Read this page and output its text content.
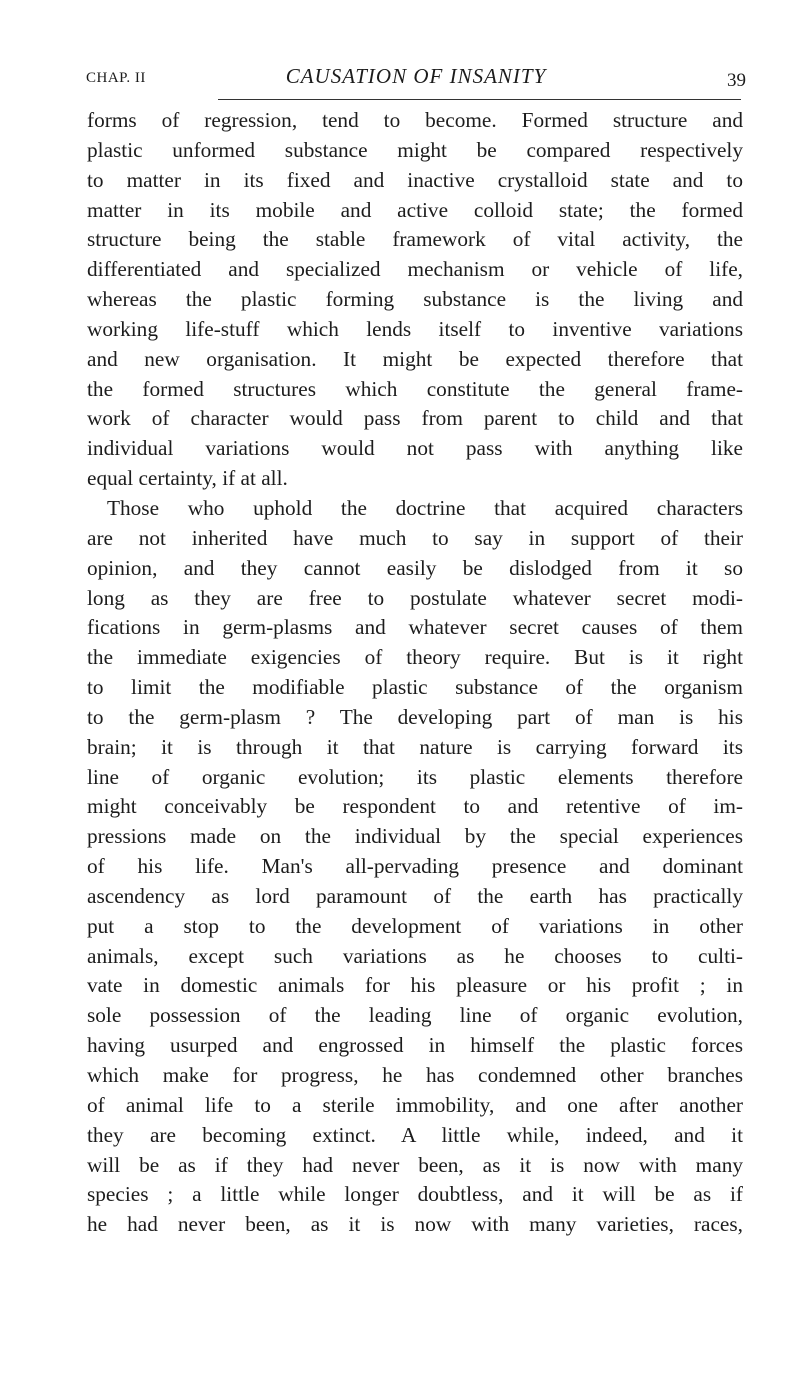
CHAP. II	CAUSATION OF INSANITY	39
forms of regression, tend to become. Formed structure and
plastic unformed substance might be compared respectively
to matter in its fixed and inactive crystalloid state and to
matter in its mobile and active colloid state; the formed
structure being the stable framework of vital activity, the
differentiated and specialized mechanism or vehicle of life,
whereas the plastic forming substance is the living and
working life-stuff which lends itself to inventive variations
and new organisation. It might be expected therefore that
the formed structures which constitute the general frame-
work of character would pass from parent to child and that
individual variations would not pass with anything like
equal certainty, if at all.
Those who uphold the doctrine that acquired characters
are not inherited have much to say in support of their
opinion, and they cannot easily be dislodged from it so
long as they are free to postulate whatever secret modi-
fications in germ-plasms and whatever secret causes of them
the immediate exigencies of theory require. But is it right
to limit the modifiable plastic substance of the organism
to the germ-plasm ? The developing part of man is his
brain; it is through it that nature is carrying forward its
line of organic evolution; its plastic elements therefore
might conceivably be respondent to and retentive of im-
pressions made on the individual by the special experiences
of his life. Man's all-pervading presence and dominant
ascendency as lord paramount of the earth has practically
put a stop to the development of variations in other
animals, except such variations as he chooses to culti-
vate in domestic animals for his pleasure or his profit ; in
sole possession of the leading line of organic evolution,
having usurped and engrossed in himself the plastic forces
which make for progress, he has condemned other branches
of animal life to a sterile immobility, and one after another
they are becoming extinct. A little while, indeed, and it
will be as if they had never been, as it is now with many
species ; a little while longer doubtless, and it will be as if
he had never been, as it is now with many varieties, races,
